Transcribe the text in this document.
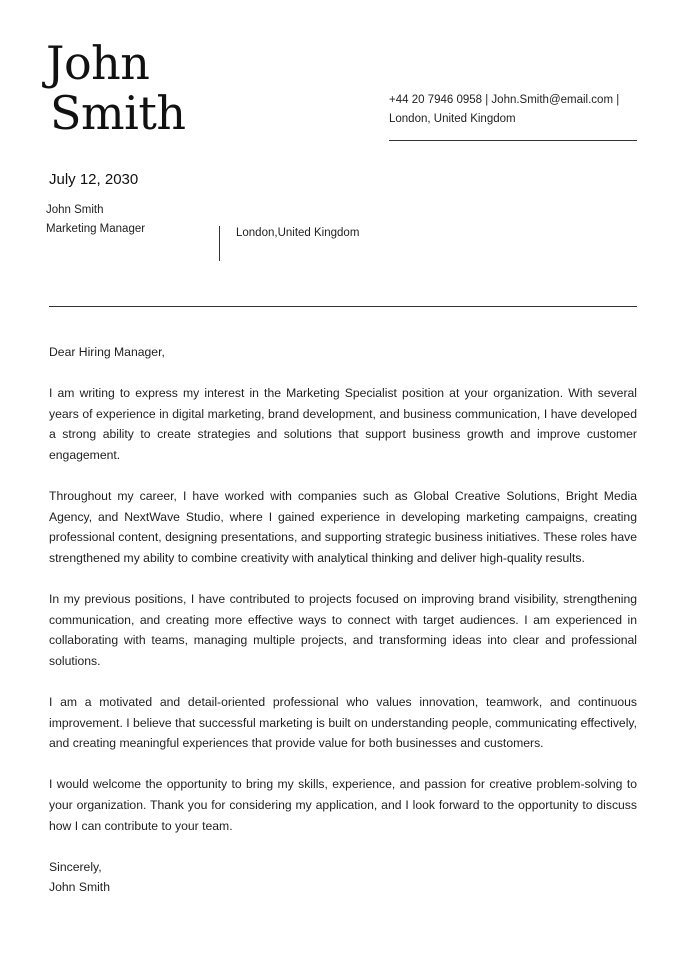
John
Smith	+44 20 7946 0958 | John.Smith@email.com |
London, United Kingdom
July 12, 2030
John Smith
Marketing Manager	London,United Kingdom

Dear Hiring Manager,

I am writing to express my interest in the Marketing Specialist position at your organization. With several years of experience in digital marketing, brand development, and business communication, I have developed a strong ability to create strategies and solutions that support business growth and improve customer engagement.

Throughout my career, I have worked with companies such as Global Creative Solutions, Bright Media Agency, and NextWave Studio, where I gained experience in developing marketing campaigns, creating professional content, designing presentations, and supporting strategic business initiatives. These roles have strengthened my ability to combine creativity with analytical thinking and deliver high-quality results.

In my previous positions, I have contributed to projects focused on improving brand visibility, strengthening communication, and creating more effective ways to connect with target audiences. I am experienced in collaborating with teams, managing multiple projects, and transforming ideas into clear and professional solutions.

I am a motivated and detail-oriented professional who values innovation, teamwork, and continuous improvement. I believe that successful marketing is built on understanding people, communicating effectively, and creating meaningful experiences that provide value for both businesses and customers.

I would welcome the opportunity to bring my skills, experience, and passion for creative problem-solving to your organization. Thank you for considering my application, and I look forward to the opportunity to discuss how I can contribute to your team.

Sincerely,
John Smith
